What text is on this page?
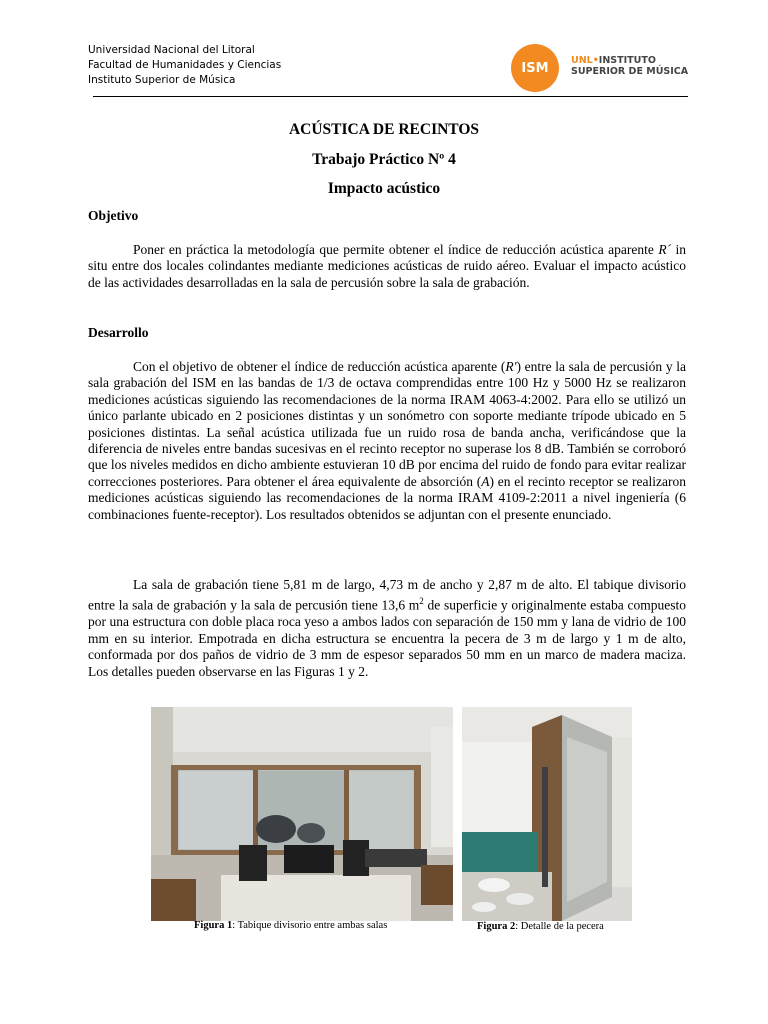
Universidad Nacional del Litoral
Facultad de Humanidades y Ciencias
Instituto Superior de Música
ISM UNL•INSTITUTO
SUPERIOR DE MÚSICA
ACÚSTICA DE RECINTOS
Trabajo Práctico Nº 4
Impacto acústico
Objetivo

Poner en práctica la metodología que permite obtener el índice de reducción acústica aparente R´ in situ entre dos locales colindantes mediante mediciones acústicas de ruido aéreo. Evaluar el impacto acústico de las actividades desarrolladas en la sala de percusión sobre la sala de grabación.

Desarrollo

Con el objetivo de obtener el índice de reducción acústica aparente (R') entre la sala de percusión y la sala grabación del ISM en las bandas de 1/3 de octava comprendidas entre 100 Hz y 5000 Hz se realizaron mediciones acústicas siguiendo las recomendaciones de la norma IRAM 4063-4:2002. Para ello se utilizó un único parlante ubicado en 2 posiciones distintas y un sonómetro con soporte mediante trípode ubicado en 5 posiciones distintas. La señal acústica utilizada fue un ruido rosa de banda ancha, verificándose que la diferencia de niveles entre bandas sucesivas en el recinto receptor no superase los 8 dB. También se corroboró que los niveles medidos en dicho ambiente estuvieran 10 dB por encima del ruido de fondo para evitar realizar correcciones posteriores. Para obtener el área equivalente de absorción (A) en el recinto receptor se realizaron mediciones acústicas siguiendo las recomendaciones de la norma IRAM 4109-2:2011 a nivel ingeniería (6 combinaciones fuente-receptor). Los resultados obtenidos se adjuntan con el presente enunciado.

La sala de grabación tiene 5,81 m de largo, 4,73 m de ancho y 2,87 m de alto. El tabique divisorio entre la sala de grabación y la sala de percusión tiene 13,6 $m^2$ de superficie y originalmente estaba compuesto por una estructura con doble placa roca yeso a ambos lados con separación de 150 mm y lana de vidrio de 100 mm en su interior. Empotrada en dicha estructura se encuentra la pecera de 3 m de largo y 1 m de alto, conformada por dos paños de vidrio de 3 mm de espesor separados 50 mm en un marco de madera maciza. Los detalles pueden observarse en las Figuras 1 y 2.

Figura 1: Tabique divisorio entre ambas salas	Figura 2: Detalle de la pecera
